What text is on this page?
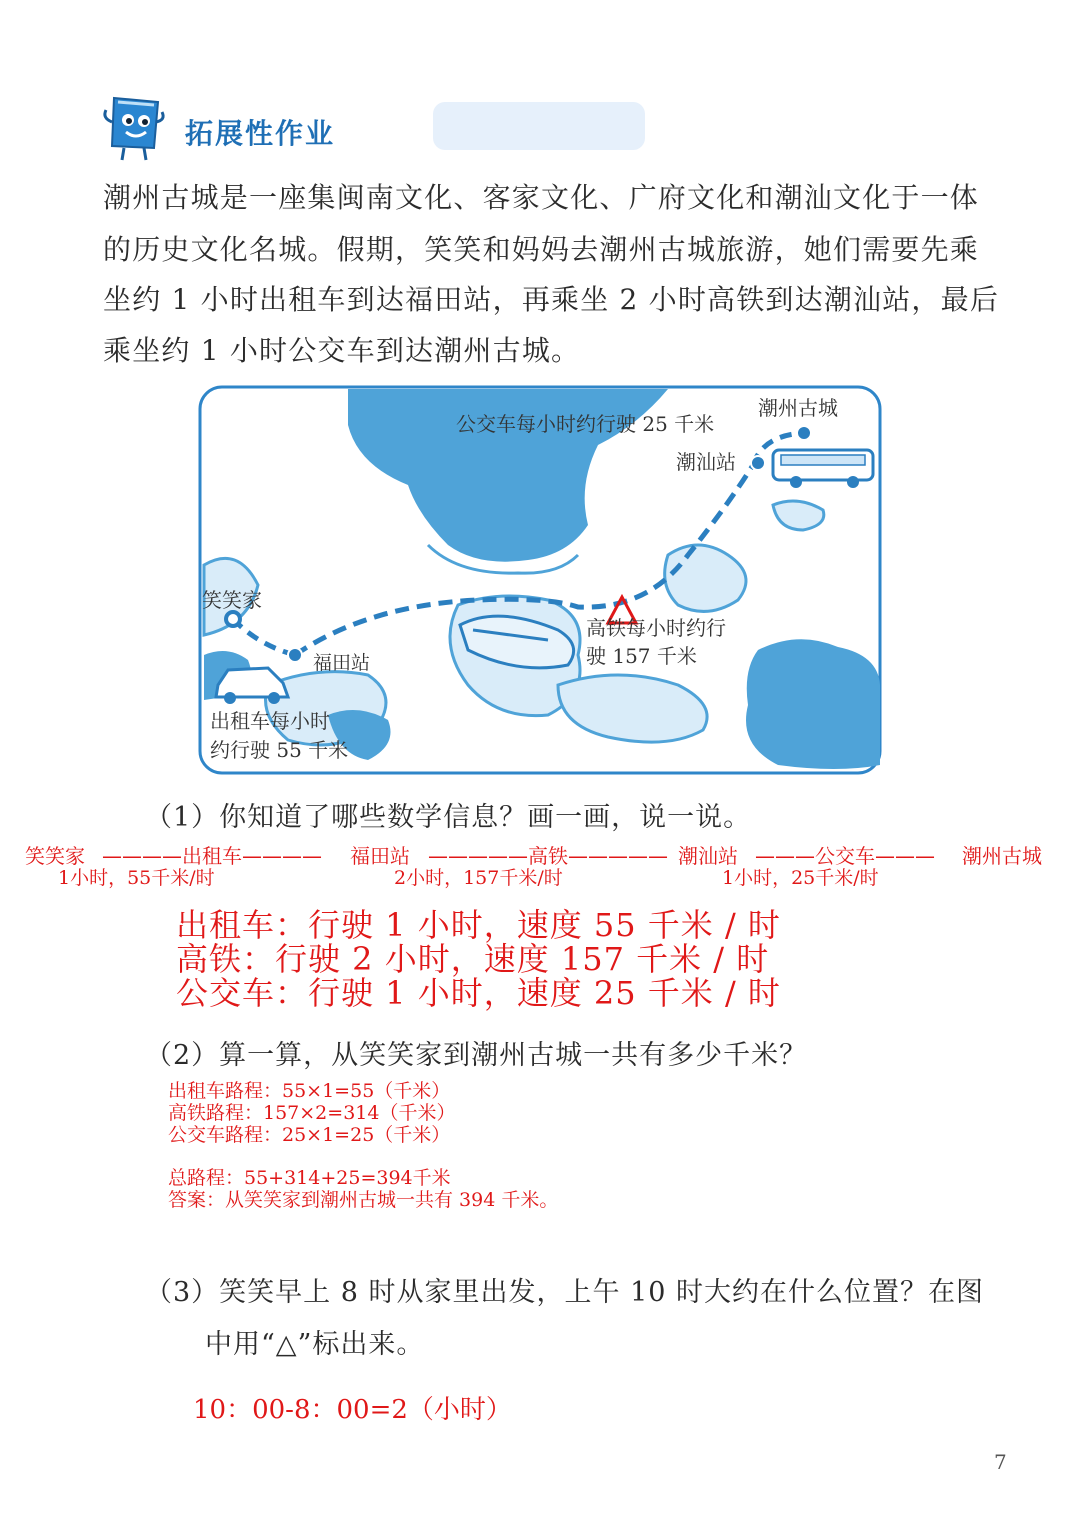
拓展性作业
潮州古城是一座集闽南文化、客家文化、广府文化和潮汕文化于一体
的历史文化名城。假期，笑笑和妈妈去潮州古城旅游，她们需要先乘
坐约 1 小时出租车到达福田站，再乘坐 2 小时高铁到达潮汕站，最后
乘坐约 1 小时公交车到达潮州古城。
公交车每小时约行驶 25 千米
潮州古城
潮汕站
笑笑家
福田站
高铁每小时约行
驶 157 千米
出租车每小时
约行驶 55 千米
（1）你知道了哪些数学信息？画一画，说一说。
笑笑家 ————出租车———— 福田站 —————高铁————— 潮汕站 ———公交车——— 潮州古城
1小时，55千米/时	2小时，157千米/时	1小时，25千米/时
出租车：行驶 1 小时，速度 55 千米 / 时
高铁：行驶 2 小时，速度 157 千米 / 时
公交车：行驶 1 小时，速度 25 千米 / 时
（2）算一算，从笑笑家到潮州古城一共有多少千米？
出租车路程：55×1=55（千米）
高铁路程：157×2=314（千米）
公交车路程：25×1=25（千米）
总路程：55+314+25=394千米
答案：从笑笑家到潮州古城一共有 394 千米。
（3）笑笑早上 8 时从家里出发，上午 10 时大约在什么位置？在图
中用“△”标出来。
10：00-8：00=2（小时）
7
